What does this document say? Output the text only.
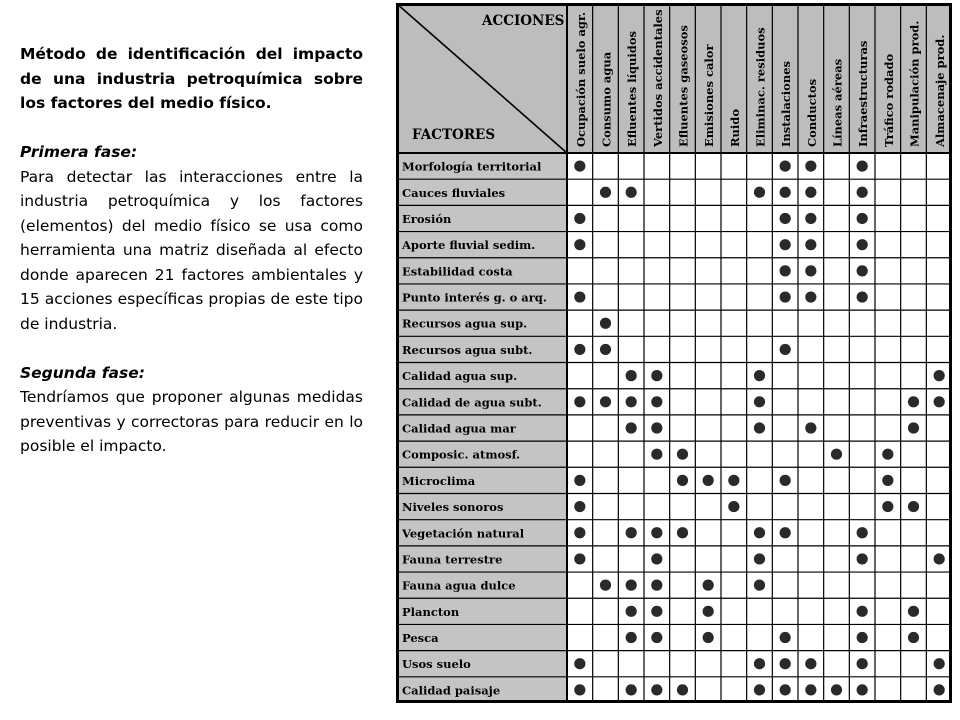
Método de identificación del impacto de una industria petroquímica sobre los factores del medio físico.

Primera fase:

Para detectar las interacciones entre la industria petroquímica y los factores (elementos) del medio físico se usa como herramienta una matriz diseñada al efecto donde aparecen 21 factores ambientales y 15 acciones específicas propias de este tipo de industria.

Segunda fase:

Tendríamos que proponer algunas medidas preventivas y correctoras para reducir en lo posible el impacto.

ACCIONES
FACTORES	Ocupación suelo agr. Consumo agua Efluentes líquidos Vertidos accidentales Efluentes gaseosos Emisiones calor Ruido Eliminac. residuos Instalaciones Conductos Líneas aéreas Infraestructuras Tráfico rodado Manipulación prod. Almacenaje prod.
Morfología territorial
Cauces fluviales
Erosión
Aporte fluvial sedim.
Estabilidad costa
Punto interés g. o arq.
Recursos agua sup.
Recursos agua subt.
Calidad agua sup.
Calidad de agua subt.
Calidad agua mar
Composic. atmosf.
Microclima
Niveles sonoros
Vegetación natural
Fauna terrestre
Fauna agua dulce
Plancton
Pesca
Usos suelo
Calidad paisaje
